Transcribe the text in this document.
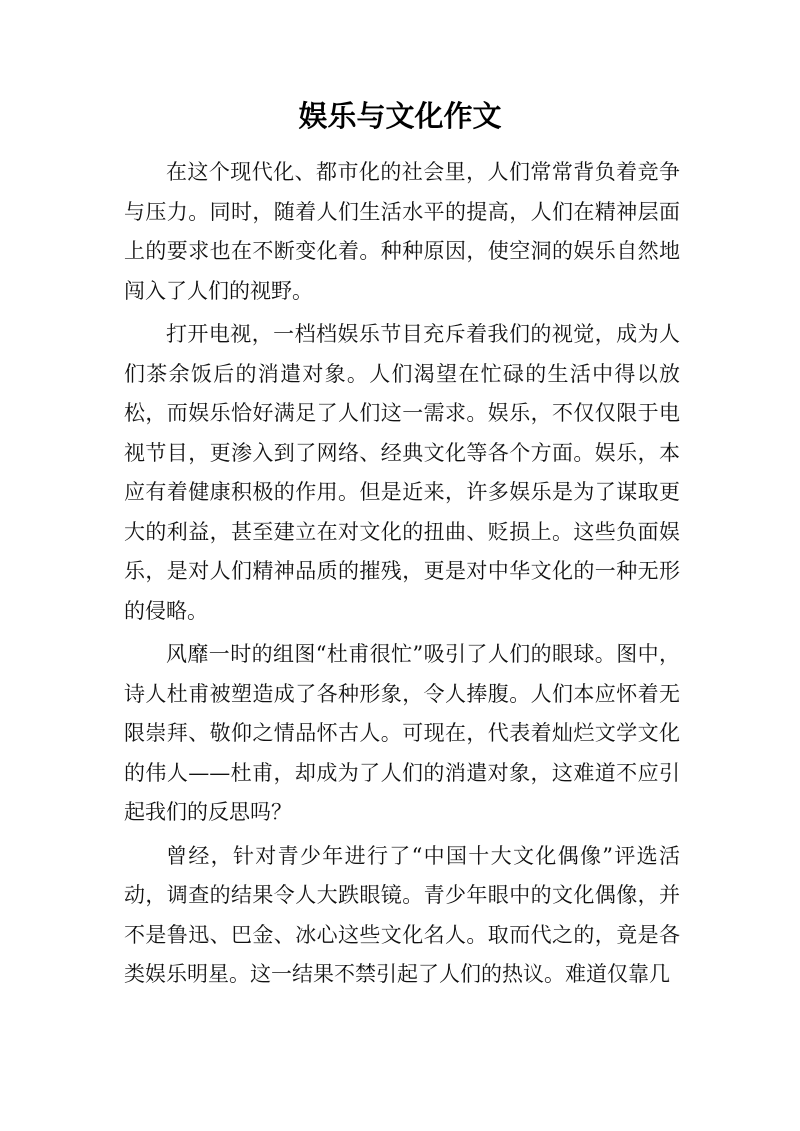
娱乐与文化作文

在这个现代化、都市化的社会里，人们常常背负着竞争与压力。同时，随着人们生活水平的提高，人们在精神层面上的要求也在不断变化着。种种原因，使空洞的娱乐自然地闯入了人们的视野。

打开电视，一档档娱乐节目充斥着我们的视觉，成为人们茶余饭后的消遣对象。人们渴望在忙碌的生活中得以放松，而娱乐恰好满足了人们这一需求。娱乐，不仅仅限于电视节目，更渗入到了网络、经典文化等各个方面。娱乐，本应有着健康积极的作用。但是近来，许多娱乐是为了谋取更大的利益，甚至建立在对文化的扭曲、贬损上。这些负面娱乐，是对人们精神品质的摧残，更是对中华文化的一种无形的侵略。

风靡一时的组图“杜甫很忙”吸引了人们的眼球。图中，诗人杜甫被塑造成了各种形象，令人捧腹。人们本应怀着无限崇拜、敬仰之情品怀古人。可现在，代表着灿烂文学文化的伟人——杜甫，却成为了人们的消遣对象，这难道不应引起我们的反思吗？

曾经，针对青少年进行了“中国十大文化偶像”评选活动，调查的结果令人大跌眼镜。青少年眼中的文化偶像，并不是鲁迅、巴金、冰心这些文化名人。取而代之的，竟是各类娱乐明星。这一结果不禁引起了人们的热议。难道仅靠几
